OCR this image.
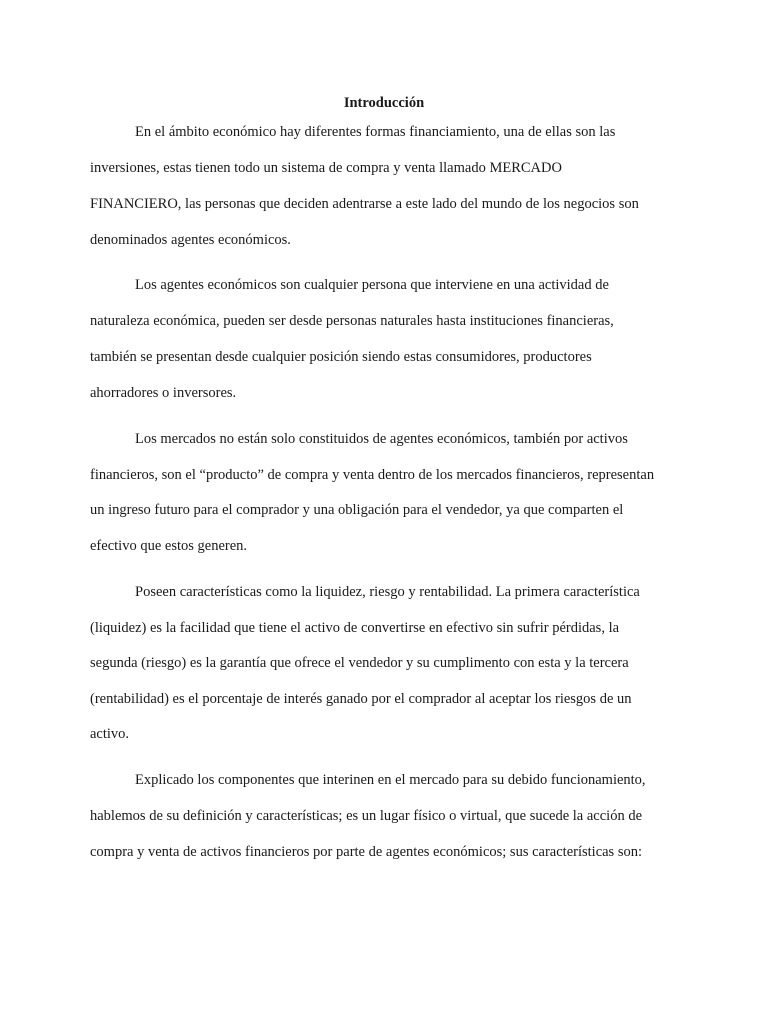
Introducción

En el ámbito económico hay diferentes formas financiamiento, una de ellas son las

inversiones, estas tienen todo un sistema de compra y venta llamado MERCADO

FINANCIERO, las personas que deciden adentrarse a este lado del mundo de los negocios son

denominados agentes económicos.

Los agentes económicos son cualquier persona que interviene en una actividad de

naturaleza económica, pueden ser desde personas naturales hasta instituciones financieras,

también se presentan desde cualquier posición siendo estas consumidores, productores

ahorradores o inversores.

Los mercados no están solo constituidos de agentes económicos, también por activos

financieros, son el “producto” de compra y venta dentro de los mercados financieros, representan

un ingreso futuro para el comprador y una obligación para el vendedor, ya que comparten el

efectivo que estos generen.

Poseen características como la liquidez, riesgo y rentabilidad. La primera característica

(liquidez) es la facilidad que tiene el activo de convertirse en efectivo sin sufrir pérdidas, la

segunda (riesgo) es la garantía que ofrece el vendedor y su cumplimento con esta y la tercera

(rentabilidad) es el porcentaje de interés ganado por el comprador al aceptar los riesgos de un

activo.

Explicado los componentes que interinen en el mercado para su debido funcionamiento,

hablemos de su definición y características; es un lugar físico o virtual, que sucede la acción de

compra y venta de activos financieros por parte de agentes económicos; sus características son:
